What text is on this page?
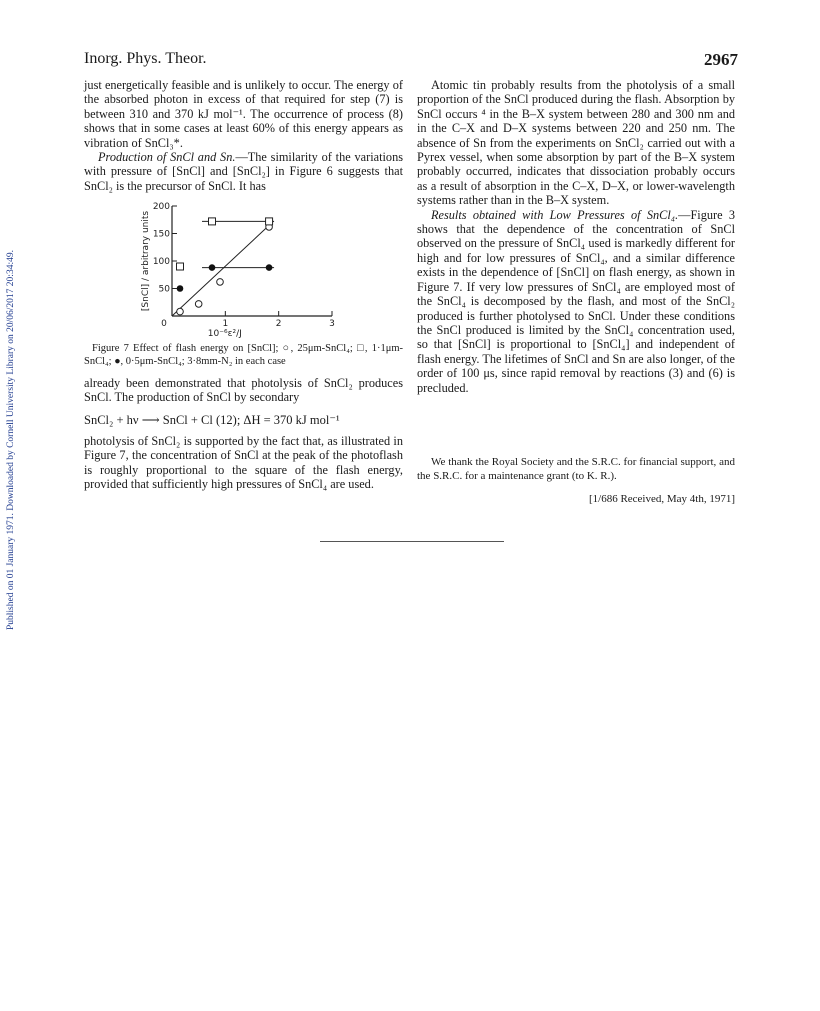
Published on 01 January 1971. Downloaded by Cornell University Library on 20/06/2017 20:34:49.
Inorg. Phys. Theor.	2967

just energetically feasible and is unlikely to occur. The energy of the absorbed photon in excess of that required for step (7) is between 310 and 370 kJ mol⁻¹. The occurrence of process (8) shows that in some cases at least 60% of this energy appears as vibration of SnCl₃*.

Production of SnCl and Sn.—The similarity of the variations with pressure of [SnCl] and [SnCl₂] in Figure 6 suggests that SnCl₂ is the precursor of SnCl. It has

0	1	2	3
50
100
150
200
10⁻⁶ε²/J
[SnCl] / arbitrary units
Figure 7 Effect of flash energy on [SnCl]; ○, 25μm-SnCl₄; □, 1·1μm-SnCl₄; ●, 0·5μm-SnCl₄; 3·8mm-N₂ in each case

already been demonstrated that photolysis of SnCl₂ produces SnCl. The production of SnCl by secondary

SnCl₂ + hν ⟶ SnCl + Cl (12); ΔH = 370 kJ mol⁻¹

photolysis of SnCl₂ is supported by the fact that, as illustrated in Figure 7, the concentration of SnCl at the peak of the photoflash is roughly proportional to the square of the flash energy, provided that sufficiently high pressures of SnCl₄ are used.

Atomic tin probably results from the photolysis of a small proportion of the SnCl produced during the flash. Absorption by SnCl occurs ⁴ in the B–X system between 280 and 300 nm and in the C–X and D–X systems between 220 and 250 nm. The absence of Sn from the experiments on SnCl₂ carried out with a Pyrex vessel, when some absorption by part of the B–X system probably occurred, indicates that dissociation probably occurs as a result of absorption in the C–X, D–X, or lower-wavelength systems rather than in the B–X system.

Results obtained with Low Pressures of SnCl₄.—Figure 3 shows that the dependence of the concentration of SnCl observed on the pressure of SnCl₄ used is markedly different for high and for low pressures of SnCl₄, and a similar difference exists in the dependence of [SnCl] on flash energy, as shown in Figure 7. If very low pressures of SnCl₄ are employed most of the SnCl₄ is decomposed by the flash, and most of the SnCl₂ produced is further photolysed to SnCl. Under these conditions the SnCl produced is limited by the SnCl₄ concentration used, so that [SnCl] is proportional to [SnCl₄] and independent of flash energy. The lifetimes of SnCl and Sn are also longer, of the order of 100 μs, since rapid removal by reactions (3) and (6) is precluded.

We thank the Royal Society and the S.R.C. for financial support, and the S.R.C. for a maintenance grant (to K. R.).
[1/686 Received, May 4th, 1971]
